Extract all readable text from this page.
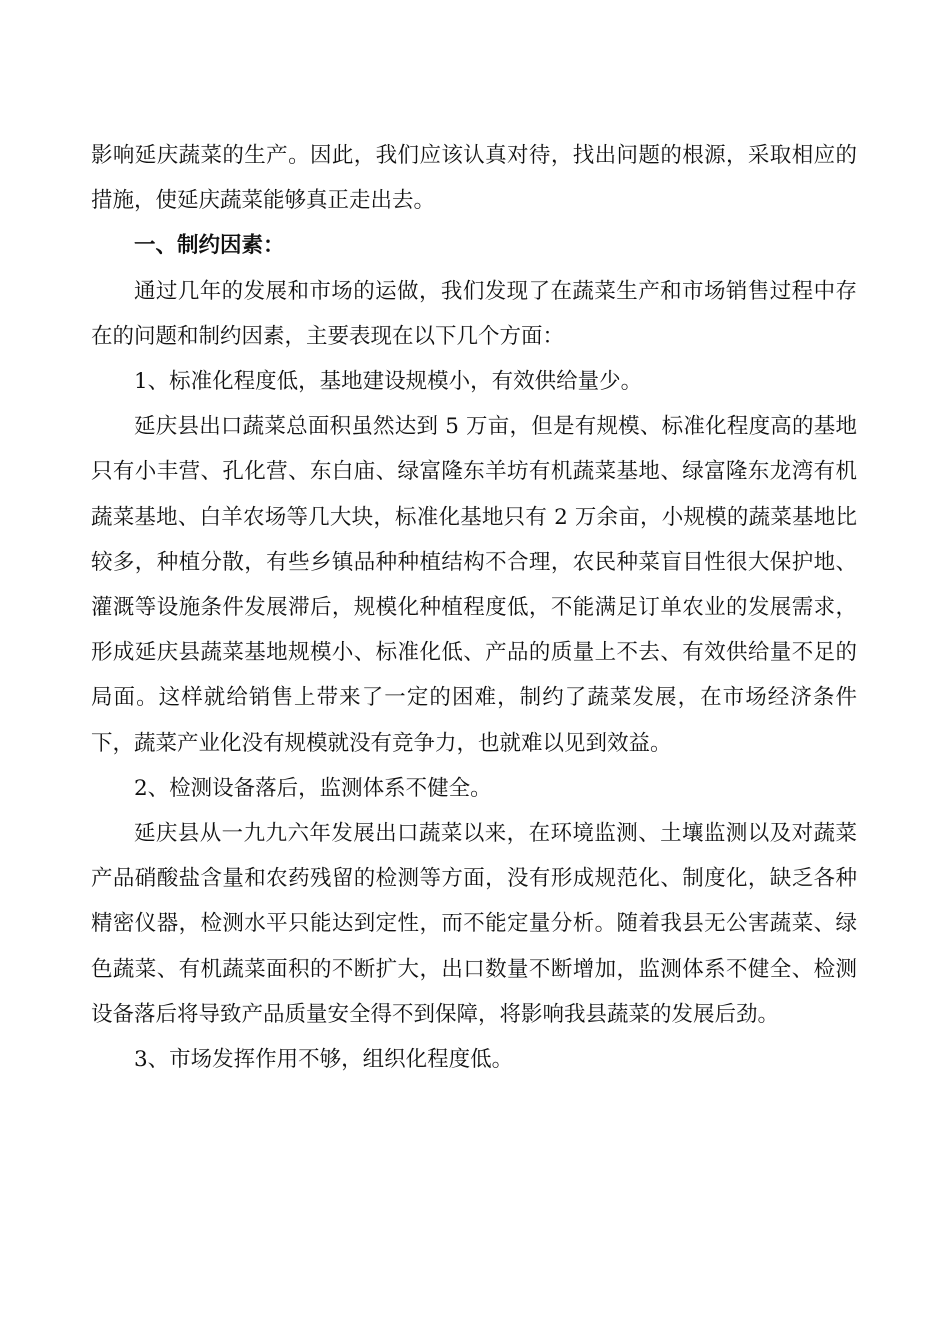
影响延庆蔬菜的生产。因此，我们应该认真对待，找出问题的根源，采取相应的措施，使延庆蔬菜能够真正走出去。

一、制约因素：

通过几年的发展和市场的运做，我们发现了在蔬菜生产和市场销售过程中存在的问题和制约因素，主要表现在以下几个方面：

1、标准化程度低，基地建设规模小，有效供给量少。

延庆县出口蔬菜总面积虽然达到 5 万亩，但是有规模、标准化程度高的基地只有小丰营、孔化营、东白庙、绿富隆东羊坊有机蔬菜基地、绿富隆东龙湾有机蔬菜基地、白羊农场等几大块，标准化基地只有 2 万余亩，小规模的蔬菜基地比较多，种植分散，有些乡镇品种种植结构不合理，农民种菜盲目性很大保护地、灌溉等设施条件发展滞后，规模化种植程度低，不能满足订单农业的发展需求，形成延庆县蔬菜基地规模小、标准化低、产品的质量上不去、有效供给量不足的局面。这样就给销售上带来了一定的困难，制约了蔬菜发展，在市场经济条件下，蔬菜产业化没有规模就没有竞争力，也就难以见到效益。

2、检测设备落后，监测体系不健全。

延庆县从一九九六年发展出口蔬菜以来，在环境监测、土壤监测以及对蔬菜产品硝酸盐含量和农药残留的检测等方面，没有形成规范化、制度化，缺乏各种精密仪器，检测水平只能达到定性，而不能定量分析。随着我县无公害蔬菜、绿色蔬菜、有机蔬菜面积的不断扩大，出口数量不断增加，监测体系不健全、检测设备落后将导致产品质量安全得不到保障，将影响我县蔬菜的发展后劲。

3、市场发挥作用不够，组织化程度低。
